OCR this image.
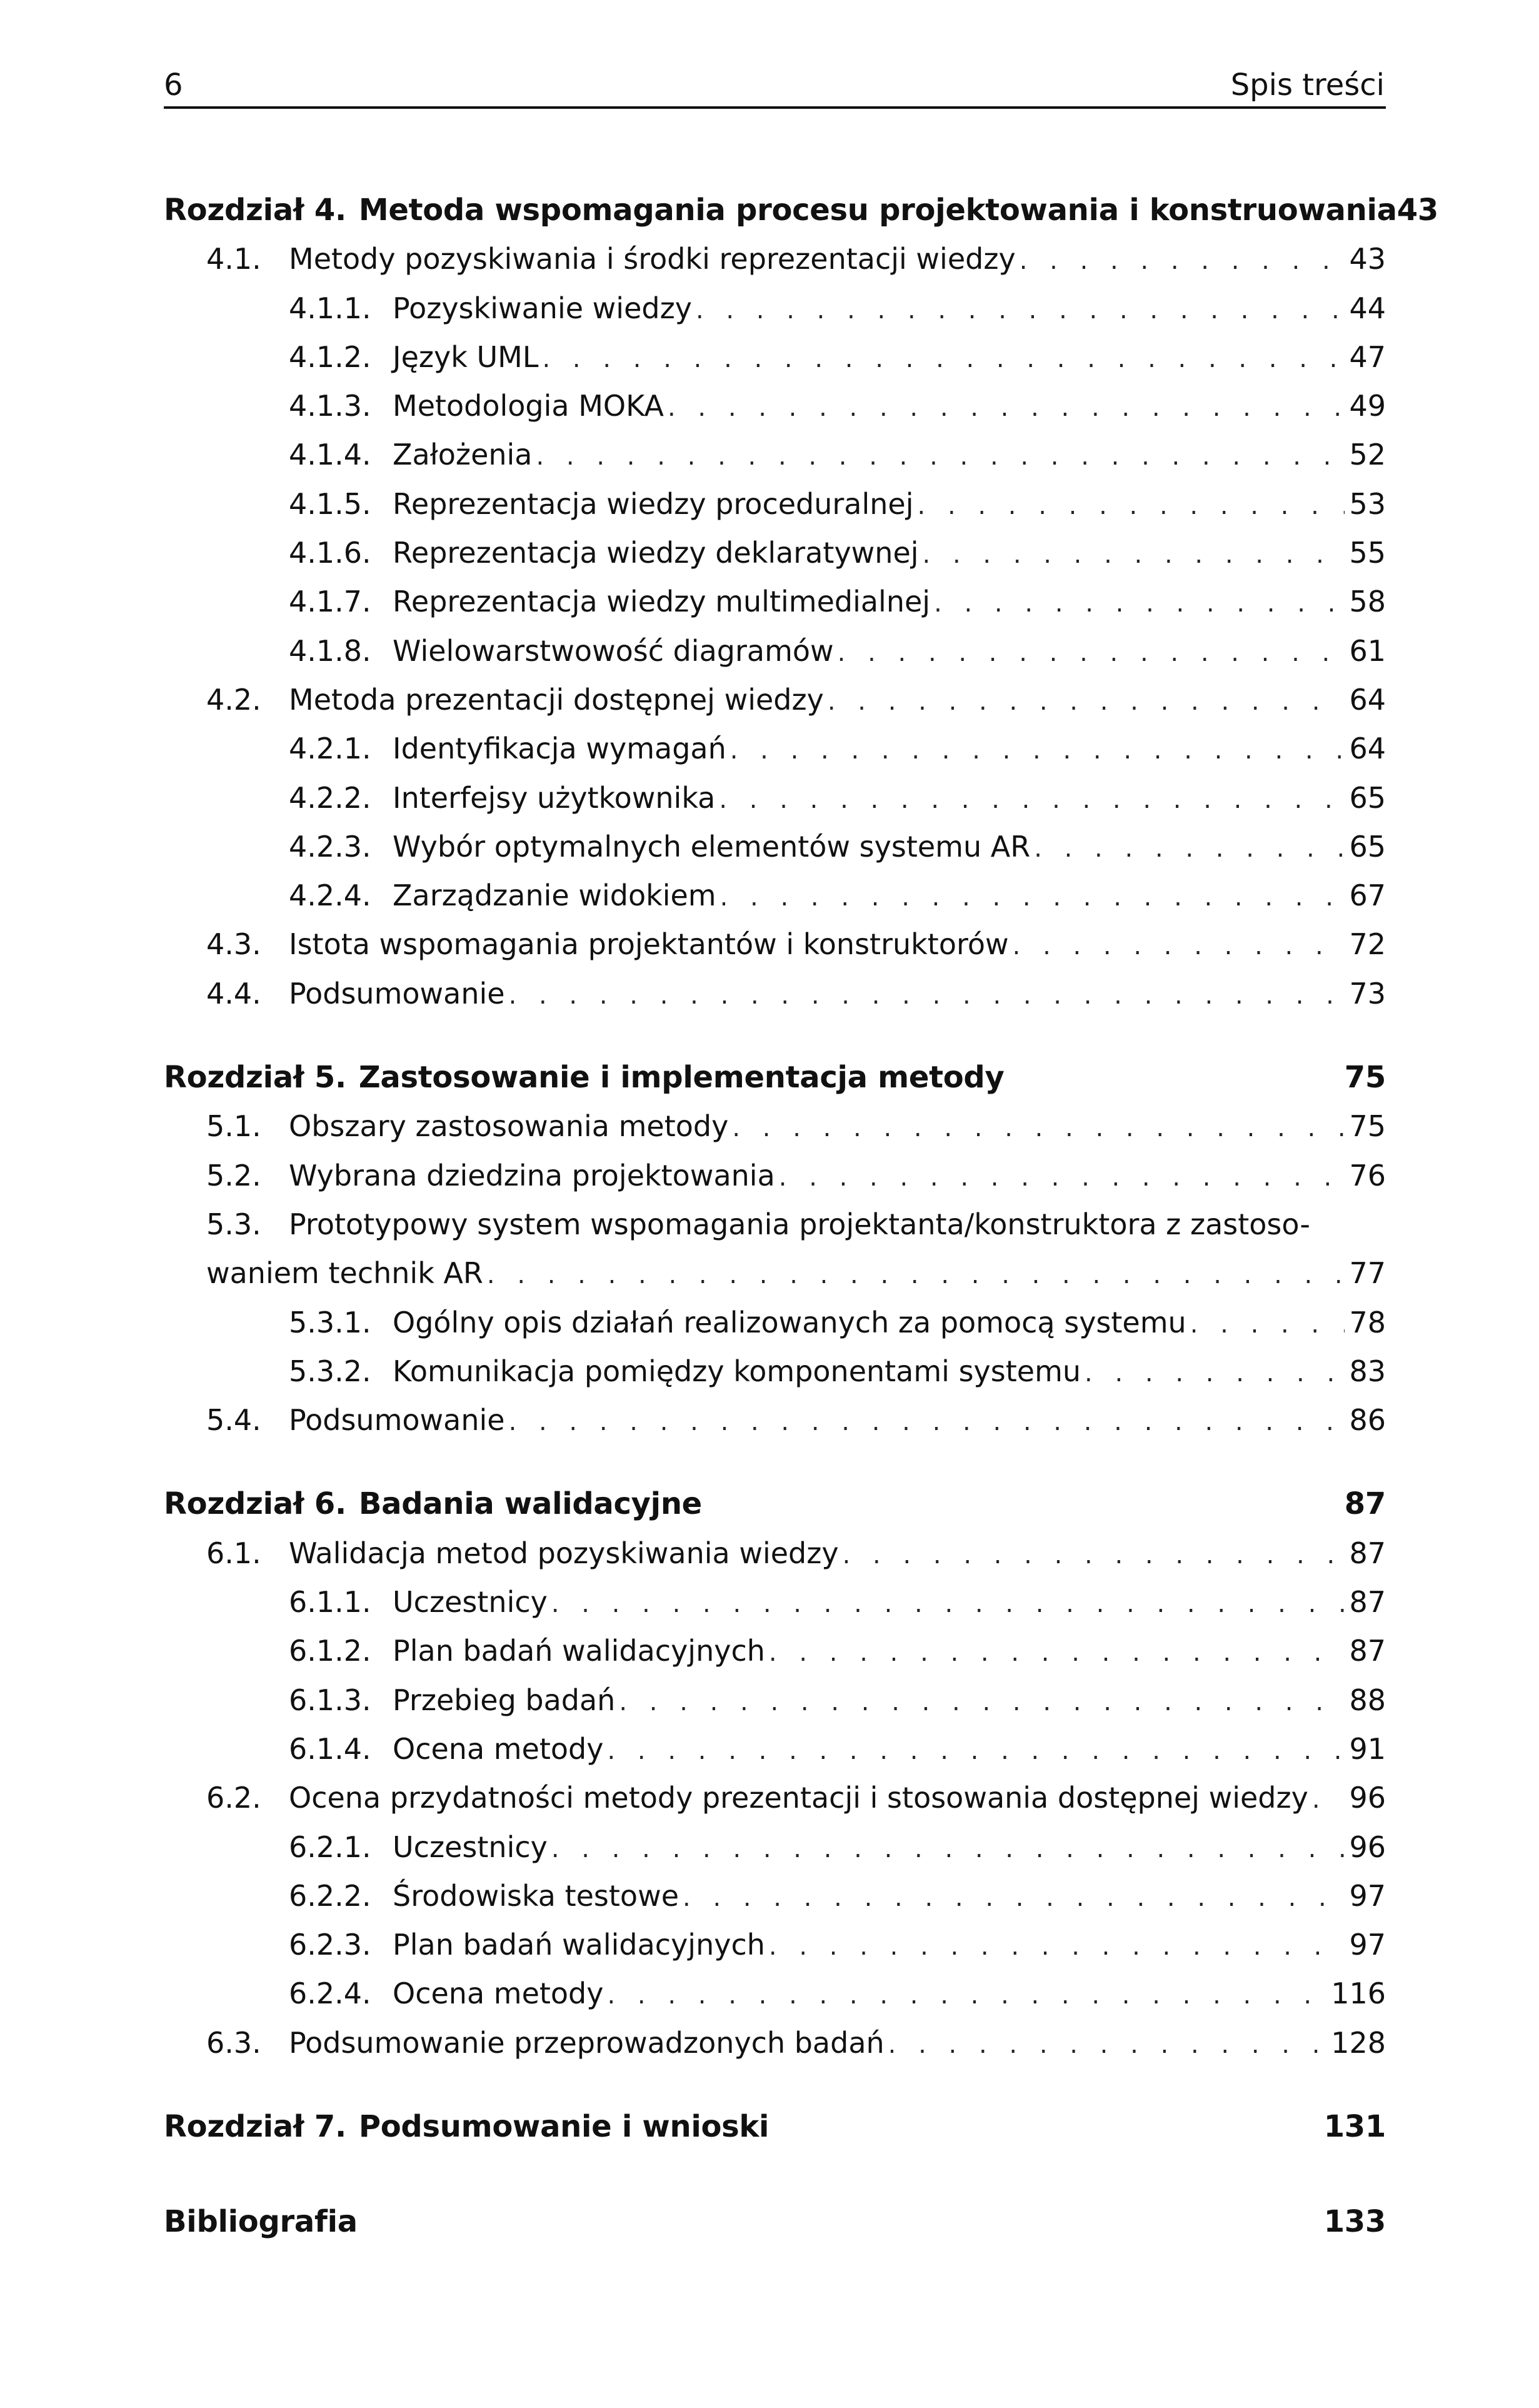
6	Spis treści
Rozdział 4. Metoda wspomagania procesu projektowania i konstruowania 43
4.1. Metody pozyskiwania i środki reprezentacji wiedzy . . .	43
4.1.1. Pozyskiwanie wiedzy . . .	44
4.1.2. Język UML . . .	47
4.1.3. Metodologia MOKA . . .	49
4.1.4. Założenia . . .	52
4.1.5. Reprezentacja wiedzy proceduralnej . . .	53
4.1.6. Reprezentacja wiedzy deklaratywnej . . .	55
4.1.7. Reprezentacja wiedzy multimedialnej . . .	58
4.1.8. Wielowarstwowość diagramów . . .	61
4.2. Metoda prezentacji dostępnej wiedzy . . .	64
4.2.1. Identyfikacja wymagań . . .	64
4.2.2. Interfejsy użytkownika . . .	65
4.2.3. Wybór optymalnych elementów systemu AR . . .	65
4.2.4. Zarządzanie widokiem . . .	67
4.3. Istota wspomagania projektantów i konstruktorów . . .	72
4.4. Podsumowanie . . .	73
Rozdział 5. Zastosowanie i implementacja metody	75
5.1. Obszary zastosowania metody . . .	75
5.2. Wybrana dziedzina projektowania . . .	76
5.3. Prototypowy system wspomagania projektanta/konstruktora z zastoso-
waniem technik AR . . .	77
5.3.1. Ogólny opis działań realizowanych za pomocą systemu . . .	78
5.3.2. Komunikacja pomiędzy komponentami systemu . . .	83
5.4. Podsumowanie . . .	86
Rozdział 6. Badania walidacyjne	87
6.1. Walidacja metod pozyskiwania wiedzy . . .	87
6.1.1. Uczestnicy . . .	87
6.1.2. Plan badań walidacyjnych . . .	87
6.1.3. Przebieg badań . . .	88
6.1.4. Ocena metody . . .	91
6.2. Ocena przydatności metody prezentacji i stosowania dostępnej wiedzy . . . 96
6.2.1. Uczestnicy . . .	96
6.2.2. Środowiska testowe . . .	97
6.2.3. Plan badań walidacyjnych . . .	97
6.2.4. Ocena metody . . .	116
6.3. Podsumowanie przeprowadzonych badań . . .	128
Rozdział 7. Podsumowanie i wnioski	131
Bibliografia	133
